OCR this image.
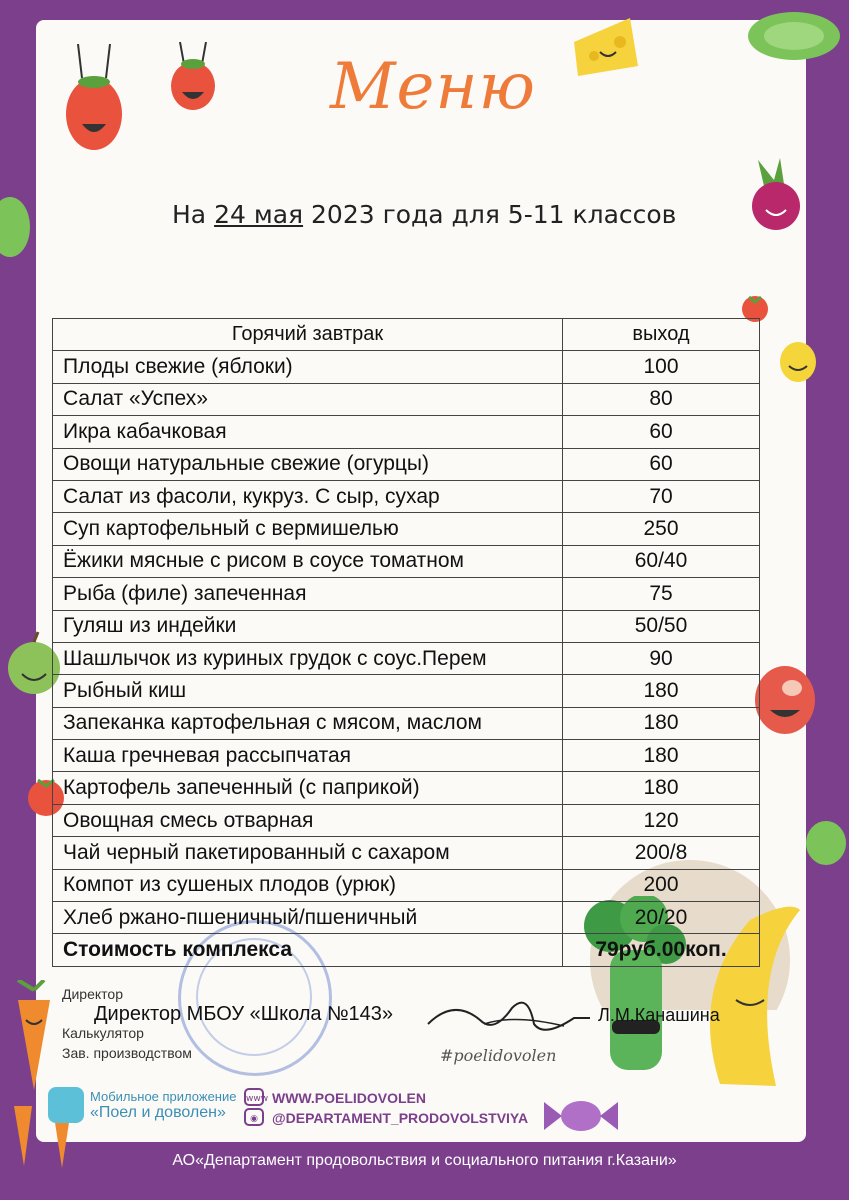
Меню
На 24 мая 2023 года для 5-11 классов
Горячий завтрак	выход
Плоды свежие (яблоки)	100
Салат «Успех»	80
Икра кабачковая	60
Овощи натуральные свежие (огурцы)	60
Салат из фасоли, кукруз. С сыр, сухар	70
Суп картофельный с вермишелью	250
Ёжики мясные с рисом в соусе томатном	60/40
Рыба (филе) запеченная	75
Гуляш из индейки	50/50
Шашлычок из куриных грудок с соус.Перем	90
Рыбный киш	180
Запеканка картофельная с мясом, маслом	180
Каша гречневая рассыпчатая	180
Картофель запеченный (с паприкой)	180
Овощная смесь отварная	120
Чай черный пакетированный с сахаром	200/8
Компот из сушеных плодов (урюк)	200
Хлеб ржано-пшеничный/пшеничный	20/20
Стоимость комплекса	79руб.00коп.
Директор
Калькулятор
Зав. производством
Директор МБОУ «Школа №143»	Л.М.Канашина
#poelidovolen
Мобильное приложение
«Поел и доволен»
www WWW.POELIDOVOLEN
◉	@DEPARTAMENT_PRODOVOLSTVIYA
АО«Департамент продовольствия и социального питания г.Казани»
